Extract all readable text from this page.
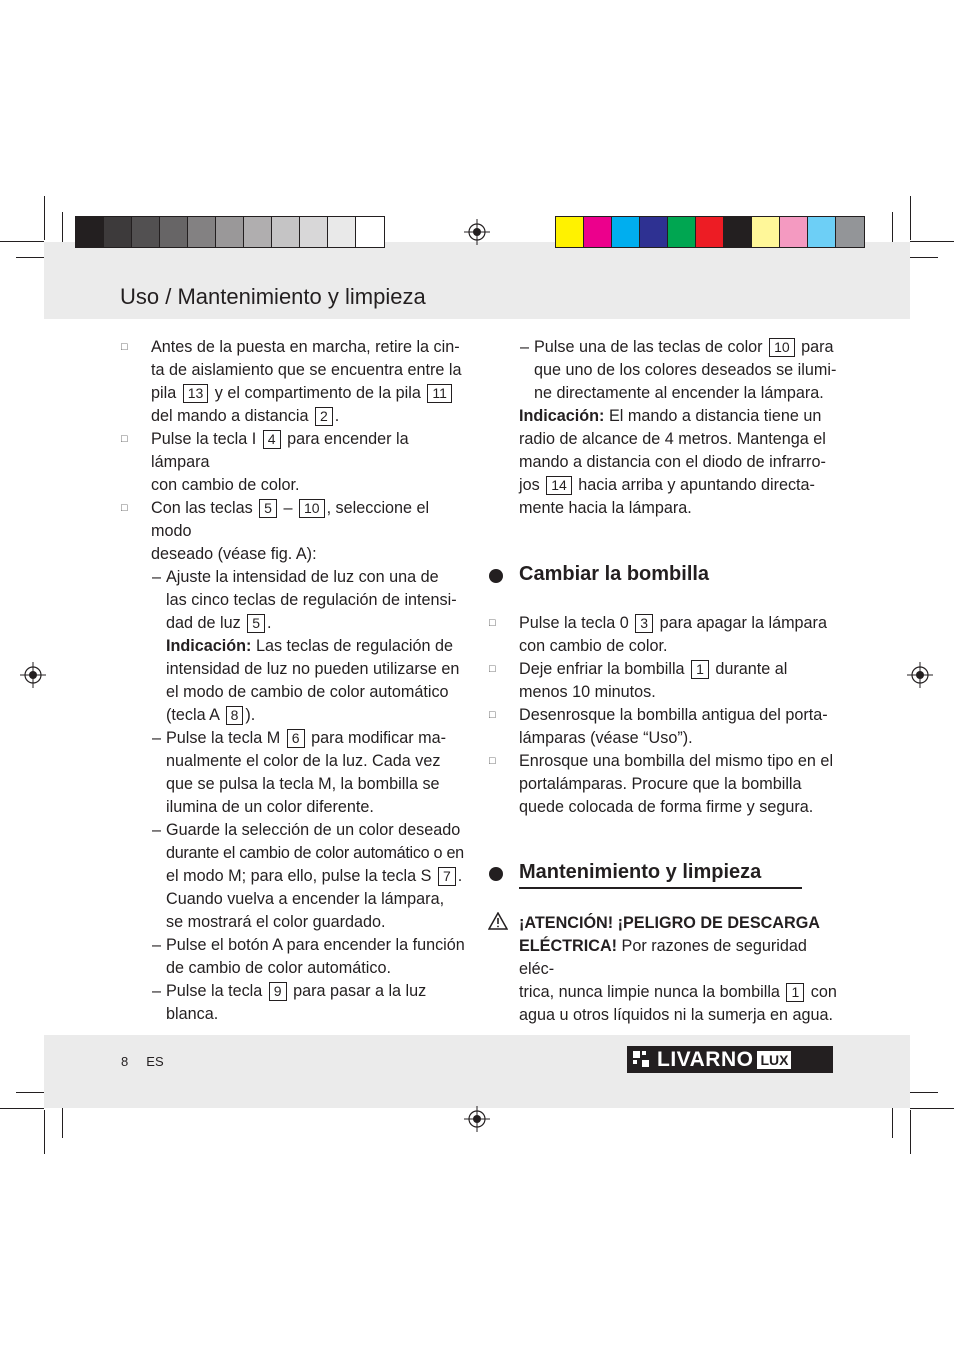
Uso / Mantenimiento y limpieza
□ Antes de la puesta en marcha, retire la cin-
ta de aislamiento que se encuentra entre la
pila 13 y el compartimento de la pila 11
del mando a distancia 2 .
□ Pulse la tecla I 4 para encender la lámpara
con cambio de color.
□ Con las teclas 5 – 10 , seleccione el modo
deseado (véase fig. A):
– Ajuste la intensidad de luz con una de
las cinco teclas de regulación de intensi-
dad de luz 5 .
Indicación: Las teclas de regulación de
intensidad de luz no pueden utilizarse en
el modo de cambio de color automático
(tecla A 8 ).
– Pulse la tecla M 6 para modificar ma-
nualmente el color de la luz. Cada vez
que se pulsa la tecla M, la bombilla se
ilumina de un color diferente.
– Guarde la selección de un color deseado
durante el cambio de color automático o en
el modo M; para ello, pulse la tecla S 7 .
Cuando vuelva a encender la lámpara,
se mostrará el color guardado.
– Pulse el botón A para encender la función
de cambio de color automático.
– Pulse la tecla 9 para pasar a la luz
blanca.
– Pulse una de las teclas de color 10 para
que uno de los colores deseados se ilumi-
ne directamente al encender la lámpara.
Indicación: El mando a distancia tiene un
radio de alcance de 4 metros. Mantenga el
mando a distancia con el diodo de infrarro-
jos 14 hacia arriba y apuntando directa-
mente hacia la lámpara.
Cambiar la bombilla
□ Pulse la tecla 0 3 para apagar la lámpara
con cambio de color.
□ Deje enfriar la bombilla 1 durante al
menos 10 minutos.
□ Desenrosque la bombilla antigua del porta-
lámparas (véase “Uso”).
□ Enrosque una bombilla del mismo tipo en el
portalámparas. Procure que la bombilla
quede colocada de forma firme y segura.
Mantenimiento y limpieza
¡ATENCIÓN! ¡PELIGRO DE DESCARGA
ELÉCTRICA! Por razones de seguridad eléc-
trica, nunca limpie nunca la bombilla 1 con
agua u otros líquidos ni la sumerja en agua.
8 ES	LIVARNO LUX
